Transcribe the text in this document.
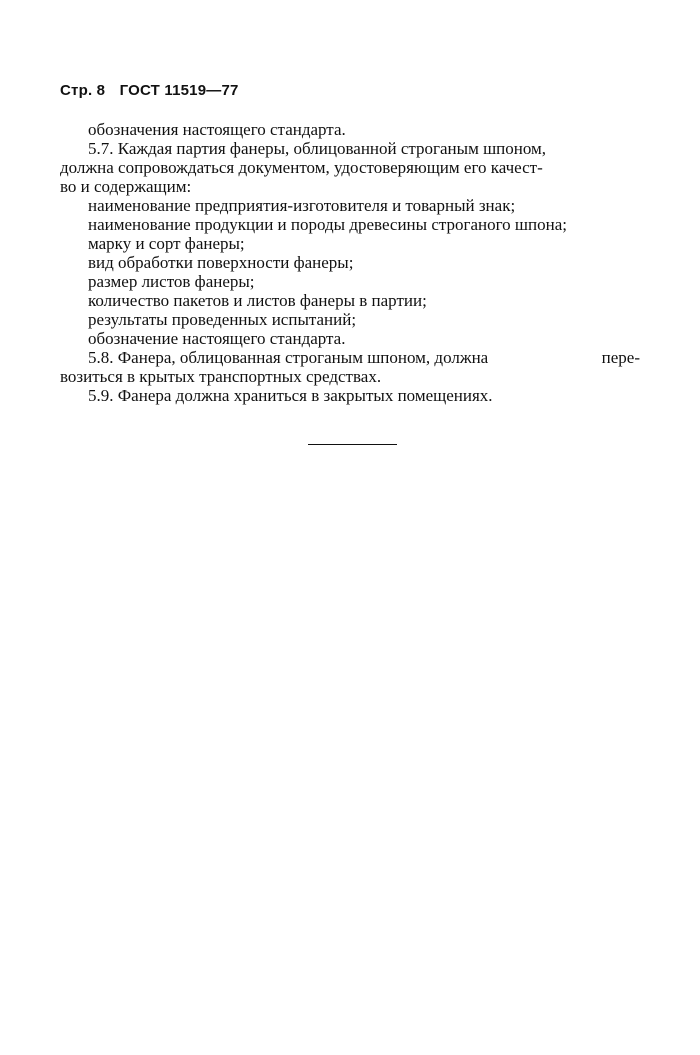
Стр. 8 ГОСТ 11519—77
обозначения настоящего стандарта.
5.7. Каждая партия фанеры, облицованной строганым шпоном,
должна сопровождаться документом, удостоверяющим его качест-
во и содержащим:
наименование предприятия-изготовителя и товарный знак;
наименование продукции и породы древесины строганого шпона;
марку и сорт фанеры;
вид обработки поверхности фанеры;
размер листов фанеры;
количество пакетов и листов фанеры в партии;
результаты проведенных испытаний;
обозначение настоящего стандарта.
5.8. Фанера, облицованная строганым шпоном, должна	пере-
возиться в крытых транспортных средствах.
5.9. Фанера должна храниться в закрытых помещениях.
